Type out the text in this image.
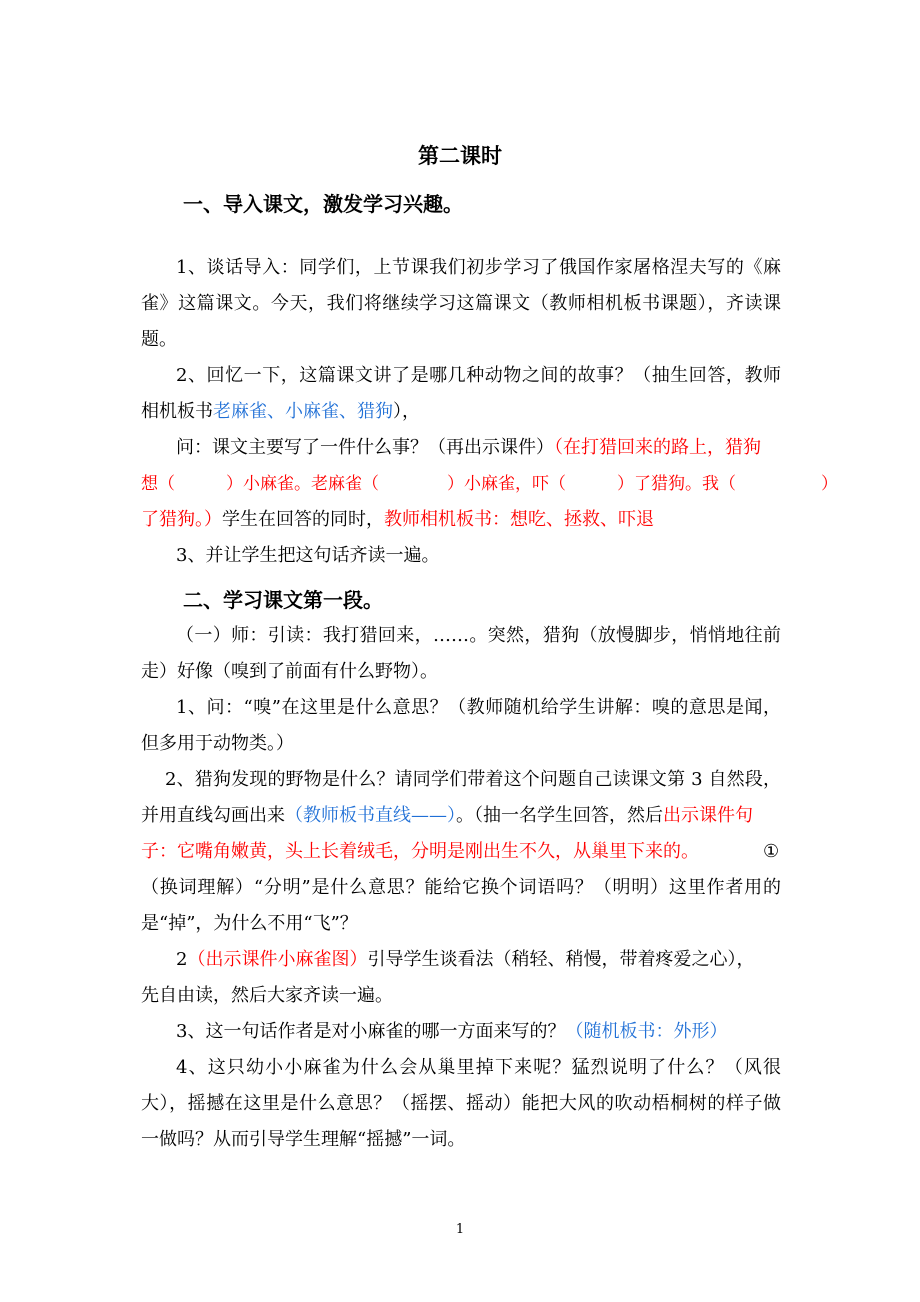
第二课时
一、导入课文，激发学习兴趣。
1、谈话导入：同学们，上节课我们初步学习了俄国作家屠格涅夫写的《麻
雀》这篇课文。今天，我们将继续学习这篇课文（教师相机板书课题），齐读课
题。
2、回忆一下，这篇课文讲了是哪几种动物之间的故事？（抽生回答，教师
相机板书老麻雀、小麻雀、猎狗），
问：课文主要写了一件什么事？（再出示课件）（在打猎回来的路上，猎狗
想（　　　）小麻雀。老麻雀（　　　　）小麻雀，吓（　　　）了猎狗。我（　　　　　）
了猎狗。）学生在回答的同时，教师相机板书：想吃、拯救、吓退
3、并让学生把这句话齐读一遍。
二、学习课文第一段。
（一）师：引读：我打猎回来，……。突然，猎狗（放慢脚步，悄悄地往前
走）好像（嗅到了前面有什么野物）。
1、问：“嗅”在这里是什么意思？（教师随机给学生讲解：嗅的意思是闻，
但多用于动物类。）
2、猎狗发现的野物是什么？请同学们带着这个问题自己读课文第 3 自然段，
并用直线勾画出来（教师板书直线——）。（抽一名学生回答，然后出示课件句
子：它嘴角嫩黄，头上长着绒毛，分明是刚出生不久，从巢里下来的。	①
（换词理解）“分明”是什么意思？能给它换个词语吗？（明明）这里作者用的
是“掉”，为什么不用“飞”？
2（出示课件小麻雀图）引导学生谈看法（稍轻、稍慢，带着疼爱之心），
先自由读，然后大家齐读一遍。
3、这一句话作者是对小麻雀的哪一方面来写的？（随机板书：外形）
4、这只幼小小麻雀为什么会从巢里掉下来呢？猛烈说明了什么？（风很
大），摇撼在这里是什么意思？（摇摆、摇动）能把大风的吹动梧桐树的样子做
一做吗？从而引导学生理解“摇撼”一词。
1
